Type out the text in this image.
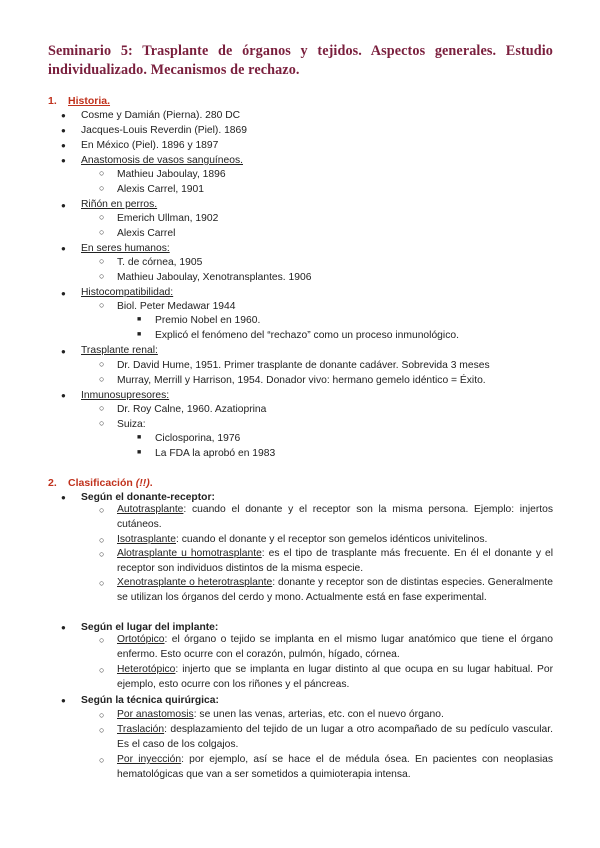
Seminario 5: Trasplante de órganos y tejidos. Aspectos generales. Estudio individualizado. Mecanismos de rechazo.
1. Historia.
● Cosme y Damián (Pierna). 280 DC
● Jacques-Louis Reverdin (Piel). 1869
● En México (Piel). 1896 y 1897
● Anastomosis de vasos sanguíneos.
○ Mathieu Jaboulay, 1896
○ Alexis Carrel, 1901
● Riñón en perros.
○ Emerich Ullman, 1902
○ Alexis Carrel
● En seres humanos:
○ T. de córnea, 1905
○ Mathieu Jaboulay, Xenotransplantes. 1906
● Histocompatibilidad:
○ Biol. Peter Medawar 1944
■ Premio Nobel en 1960.
■ Explicó el fenómeno del “rechazo” como un proceso inmunológico.
● Trasplante renal:
○ Dr. David Hume, 1951. Primer trasplante de donante cadáver. Sobrevida 3 meses
○ Murray, Merrill y Harrison, 1954. Donador vivo: hermano gemelo idéntico = Éxito.
● Inmunosupresores:
○ Dr. Roy Calne, 1960. Azatioprina
○ Suiza:
■ Ciclosporina, 1976
■ La FDA la aprobó en 1983
2. Clasificación (!!).
● Según el donante-receptor:
○ Autotrasplante: cuando el donante y el receptor son la misma persona. Ejemplo: injertos cutáneos.
○ Isotrasplante: cuando el donante y el receptor son gemelos idénticos univitelinos.
○ Alotrasplante u homotrasplante: es el tipo de trasplante más frecuente. En él el donante y el receptor son individuos distintos de la misma especie.
○ Xenotrasplante o heterotrasplante: donante y receptor son de distintas especies. Generalmente se utilizan los órganos del cerdo y mono. Actualmente está en fase experimental.
● Según el lugar del implante:
○ Ortotópico: el órgano o tejido se implanta en el mismo lugar anatómico que tiene el órgano enfermo. Esto ocurre con el corazón, pulmón, hígado, córnea.
○ Heterotópico: injerto que se implanta en lugar distinto al que ocupa en su lugar habitual. Por ejemplo, esto ocurre con los riñones y el páncreas.
● Según la técnica quirúrgica:
○ Por anastomosis: se unen las venas, arterias, etc. con el nuevo órgano.
○ Traslación: desplazamiento del tejido de un lugar a otro acompañado de su pedículo vascular. Es el caso de los colgajos.
○ Por inyección: por ejemplo, así se hace el de médula ósea. En pacientes con neoplasias hematológicas que van a ser sometidos a quimioterapia intensa.
